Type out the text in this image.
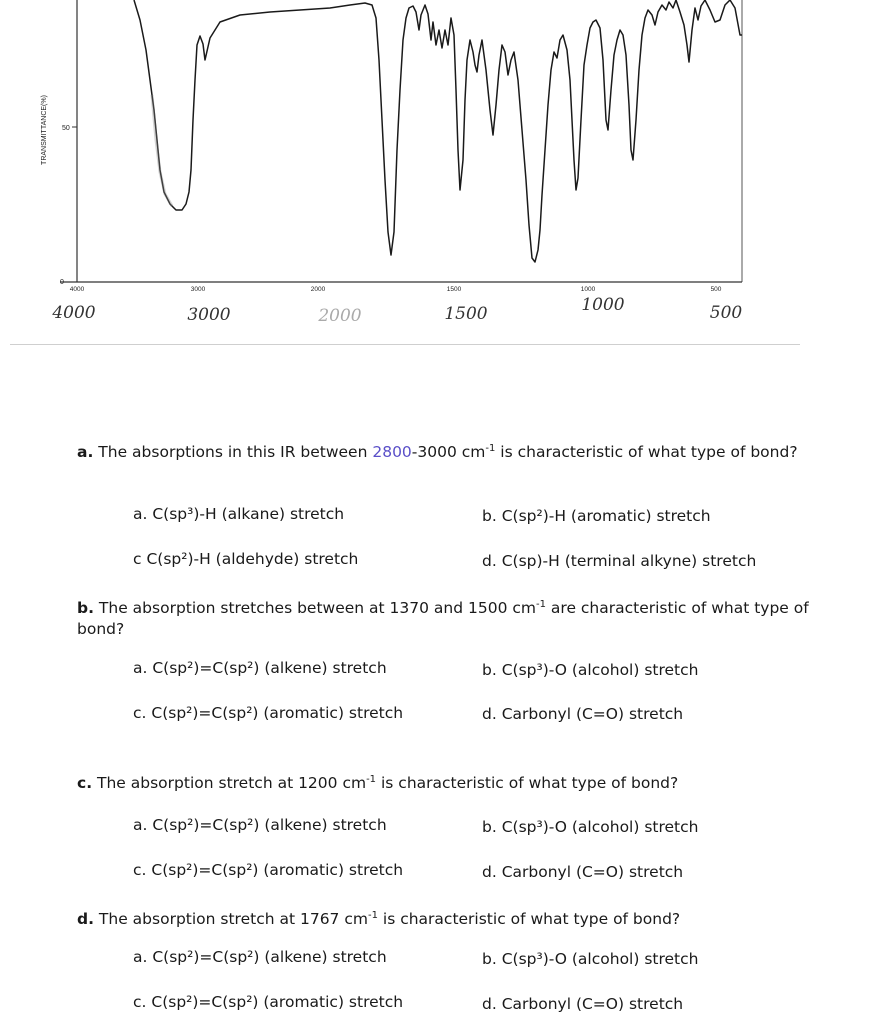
TRANSMITTANCE(%) 50
0
4000	3000	2000	1500	1000	500
4000	3000	2000	1500	1000	500
a. The absorptions in this IR between 2800-3000 $cm^{-1}$ is characteristic of what type of bond?
a. C(sp³)-H (alkane) stretch	b. C(sp²)-H (aromatic) stretch
c C(sp²)-H (aldehyde) stretch	d. C(sp)-H (terminal alkyne) stretch
b. The absorption stretches between at 1370 and 1500 $cm^{-1}$ are characteristic of what type of bond?
a. C(sp²)=C(sp²) (alkene) stretch	b. C(sp³)-O (alcohol) stretch
c. C(sp²)=C(sp²) (aromatic) stretch	d. Carbonyl (C=O) stretch
c. The absorption stretch at 1200 $cm^{-1}$ is characteristic of what type of bond?
a. C(sp²)=C(sp²) (alkene) stretch	b. C(sp³)-O (alcohol) stretch
c. C(sp²)=C(sp²) (aromatic) stretch	d. Carbonyl (C=O) stretch
d. The absorption stretch at 1767 $cm^{-1}$ is characteristic of what type of bond?
a. C(sp²)=C(sp²) (alkene) stretch	b. C(sp³)-O (alcohol) stretch
c. C(sp²)=C(sp²) (aromatic) stretch	d. Carbonyl (C=O) stretch
